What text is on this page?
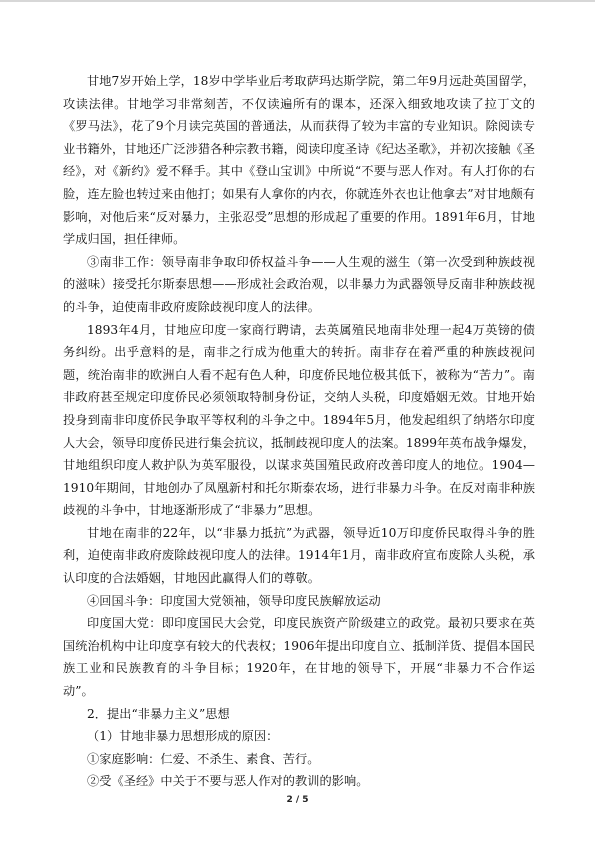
甘地7岁开始上学，18岁中学毕业后考取萨玛达斯学院，第二年9月远赴英国留学，攻读法律。甘地学习非常刻苦，不仅读遍所有的课本，还深入细致地攻读了拉丁文的《罗马法》，花了9个月读完英国的普通法，从而获得了较为丰富的专业知识。除阅读专业书籍外，甘地还广泛涉猎各种宗教书籍，阅读印度圣诗《纪达圣歌》，并初次接触《圣经》，对《新约》爱不释手。其中《登山宝训》中所说“不要与恶人作对。有人打你的右脸，连左脸也转过来由他打；如果有人拿你的内衣，你就连外衣也让他拿去”对甘地颇有影响，对他后来“反对暴力，主张忍受”思想的形成起了重要的作用。1891年6月，甘地学成归国，担任律师。

③南非工作：领导南非争取印侨权益斗争——人生观的滋生（第一次受到种族歧视的滋味）接受托尔斯泰思想——形成社会政治观，以非暴力为武器领导反南非种族歧视的斗争，迫使南非政府废除歧视印度人的法律。

1893年4月，甘地应印度一家商行聘请，去英属殖民地南非处理一起4万英镑的债务纠纷。出乎意料的是，南非之行成为他重大的转折。南非存在着严重的种族歧视问题，统治南非的欧洲白人看不起有色人种，印度侨民地位极其低下，被称为“苦力”。南非政府甚至规定印度侨民必须领取特制身份证，交纳人头税，印度婚姻无效。甘地开始投身到南非印度侨民争取平等权利的斗争之中。1894年5月，他发起组织了纳塔尔印度人大会，领导印度侨民进行集会抗议，抵制歧视印度人的法案。1899年英布战争爆发，甘地组织印度人救护队为英军服役，以谋求英国殖民政府改善印度人的地位。1904—1910年期间，甘地创办了凤凰新村和托尔斯泰农场，进行非暴力斗争。在反对南非种族歧视的斗争中，甘地逐渐形成了“非暴力”思想。

甘地在南非的22年，以“非暴力抵抗”为武器，领导近10万印度侨民取得斗争的胜利，迫使南非政府废除歧视印度人的法律。1914年1月，南非政府宣布废除人头税，承认印度的合法婚姻，甘地因此赢得人们的尊敬。

④回国斗争：印度国大党领袖，领导印度民族解放运动

印度国大党：即印度国民大会党，印度民族资产阶级建立的政党。最初只要求在英国统治机构中让印度享有较大的代表权；1906年提出印度自立、抵制洋货、提倡本国民族工业和民族教育的斗争目标；1920年，在甘地的领导下，开展“非暴力不合作运动”。

2．提出“非暴力主义”思想

（1）甘地非暴力思想形成的原因：

①家庭影响：仁爱、不杀生、素食、苦行。

②受《圣经》中关于不要与恶人作对的教训的影响。

2 / 5
